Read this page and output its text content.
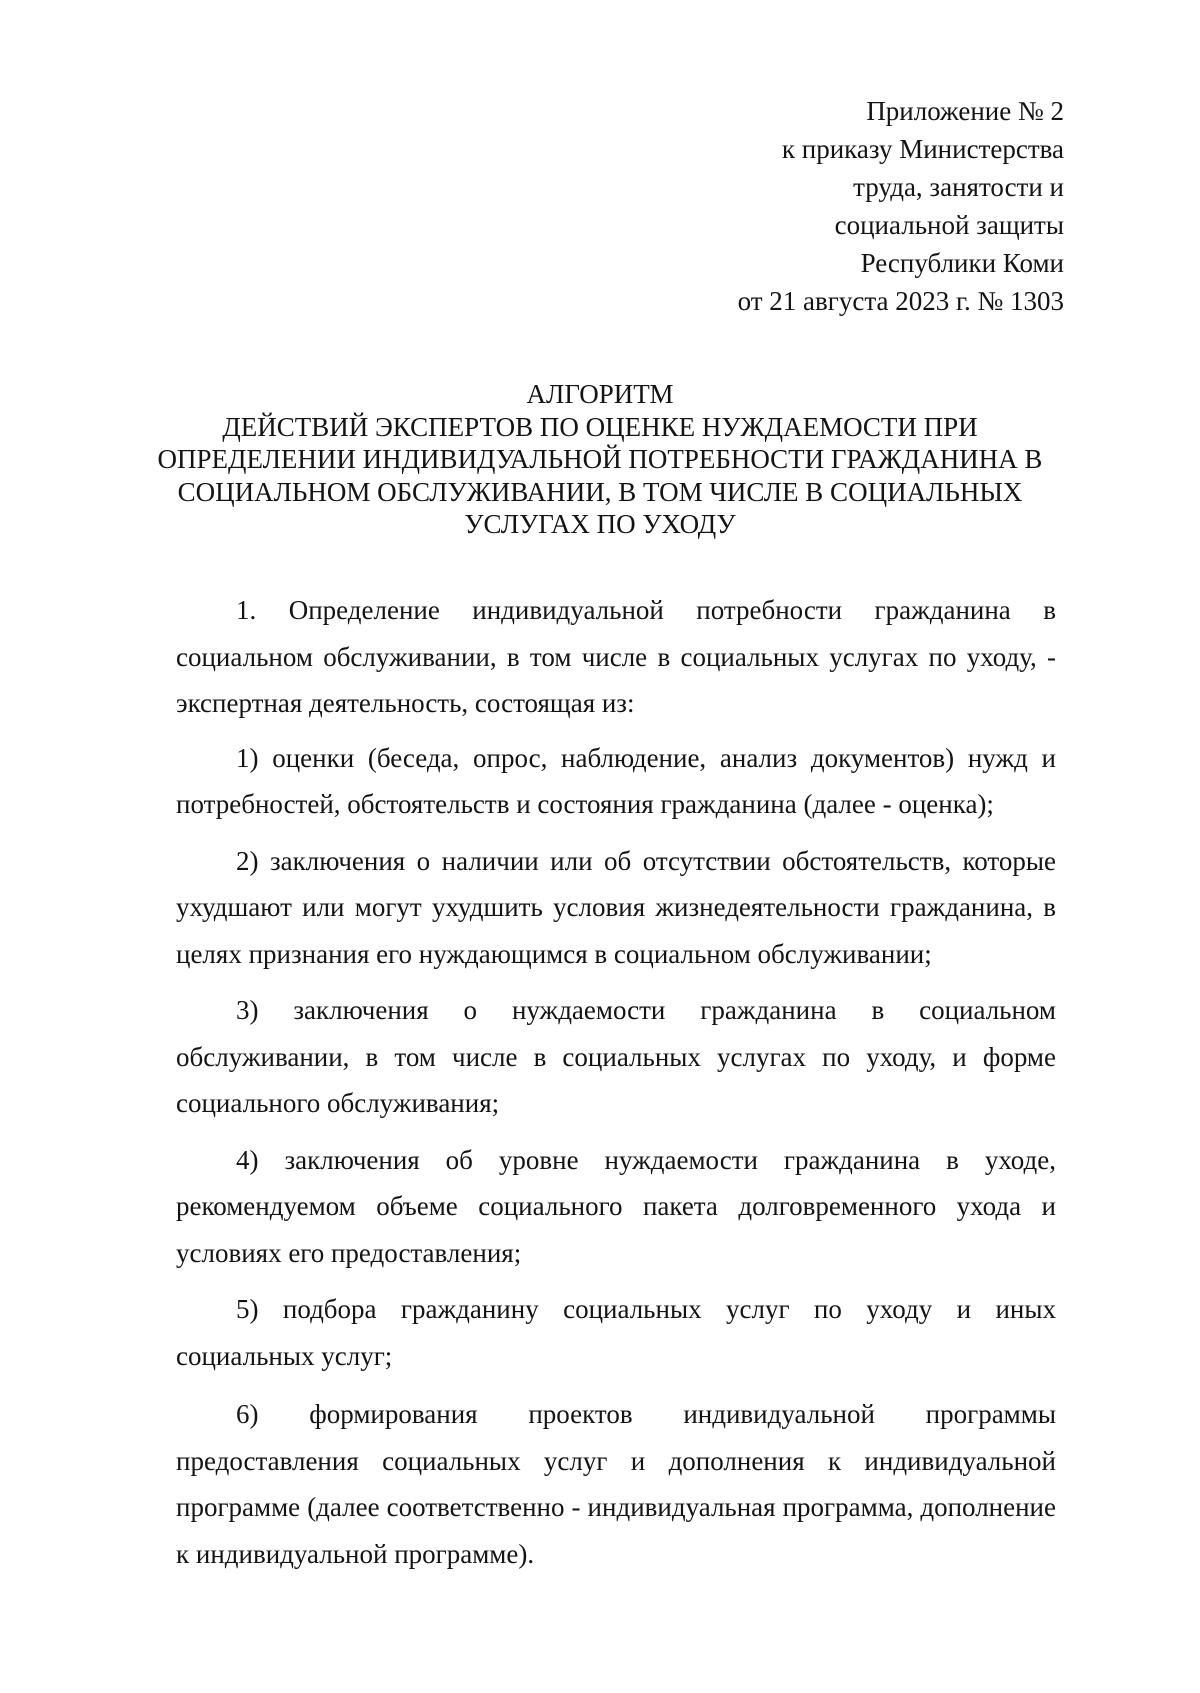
Приложение № 2
к приказу Министерства
труда, занятости и
социальной защиты
Республики Коми
от 21 августа 2023 г. № 1303
АЛГОРИТМ
ДЕЙСТВИЙ ЭКСПЕРТОВ ПО ОЦЕНКЕ НУЖДАЕМОСТИ ПРИ
ОПРЕДЕЛЕНИИ ИНДИВИДУАЛЬНОЙ ПОТРЕБНОСТИ ГРАЖДАНИНА В
СОЦИАЛЬНОМ ОБСЛУЖИВАНИИ, В ТОМ ЧИСЛЕ В СОЦИАЛЬНЫХ
УСЛУГАХ ПО УХОДУ

1. Определение индивидуальной потребности гражданина в социальном обслуживании, в том числе в социальных услугах по уходу, - экспертная деятельность, состоящая из:

1) оценки (беседа, опрос, наблюдение, анализ документов) нужд и потребностей, обстоятельств и состояния гражданина (далее - оценка);

2) заключения о наличии или об отсутствии обстоятельств, которые ухудшают или могут ухудшить условия жизнедеятельности гражданина, в целях признания его нуждающимся в социальном обслуживании;

3) заключения о нуждаемости гражданина в социальном обслуживании, в том числе в социальных услугах по уходу, и форме социального обслуживания;

4) заключения об уровне нуждаемости гражданина в уходе, рекомендуемом объеме социального пакета долговременного ухода и условиях его предоставления;

5) подбора гражданину социальных услуг по уходу и иных социальных услуг;

6) формирования проектов индивидуальной программы предоставления социальных услуг и дополнения к индивидуальной программе (далее соответственно - индивидуальная программа, дополнение к индивидуальной программе).
